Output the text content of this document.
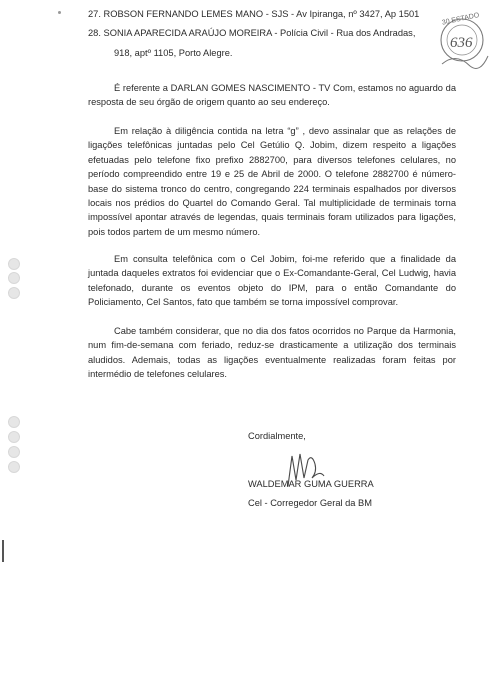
27. ROBSON FERNANDO LEMES MANO - SJS - Av Ipiranga, nº 3427, Ap 1501
28. SONIA APARECIDA ARAÚJO MOREIRA - Polícia Civil - Rua dos Andradas,
918, aptº 1105, Porto Alegre.
30 ESTADO
636

É referente a DARLAN GOMES NASCIMENTO - TV Com, estamos no aguardo da resposta de seu órgão de origem quanto ao seu endereço.

Em relação à diligência contida na letra “g” , devo assinalar que as relações de ligações telefônicas juntadas pelo Cel Getúlio Q. Jobim, dizem respeito a ligações efetuadas pelo telefone fixo prefixo 2882700, para diversos telefones celulares, no período compreendido entre 19 e 25 de Abril de 2000. O telefone 2882700 é número-base do sistema tronco do centro, congregando 224 terminais espalhados por diversos locais nos prédios do Quartel do Comando Geral. Tal multiplicidade de terminais torna impossível apontar através de legendas, quais terminais foram utilizados para ligações, pois todos partem de um mesmo número.

Em consulta telefônica com o Cel Jobim, foi-me referido que a finalidade da juntada daqueles extratos foi evidenciar que o Ex-Comandante-Geral, Cel Ludwig, havia telefonado, durante os eventos objeto do IPM, para o então Comandante do Policiamento, Cel Santos, fato que também se torna impossível comprovar.

Cabe também considerar, que no dia dos fatos ocorridos no Parque da Harmonia, num fim-de-semana com feriado, reduz-se drasticamente a utilização dos terminais aludidos. Ademais, todas as ligações eventualmente realizadas foram feitas por intermédio de telefones celulares.

Cordialmente,
WALDEMAR GUMA GUERRA
Cel - Corregedor Geral da BM
